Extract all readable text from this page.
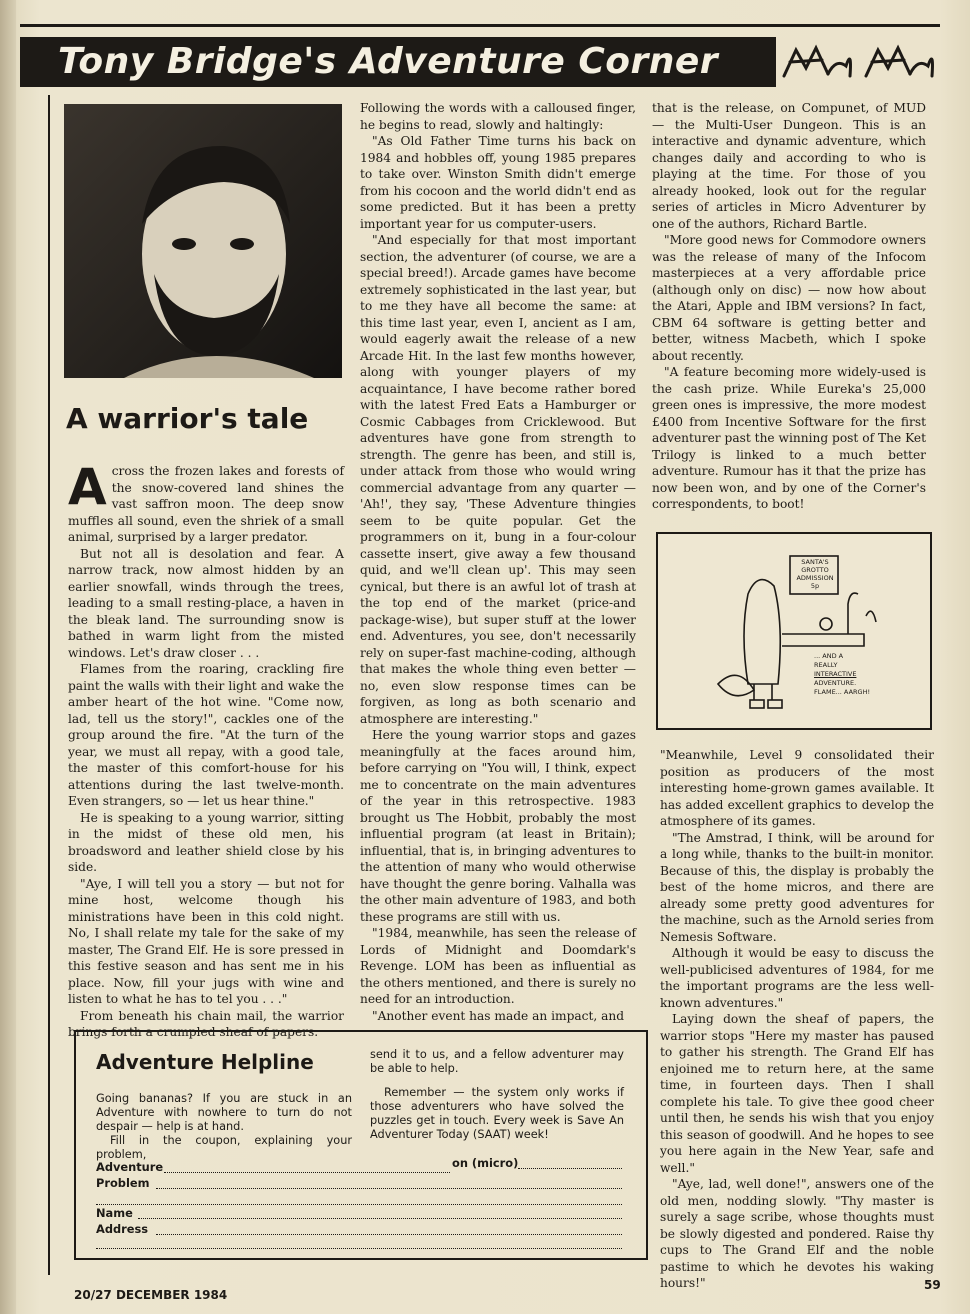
Tony Bridge's Adventure Corner
A warrior's tale

Across the frozen lakes and forests of the snow-covered land shines the vast saffron moon. The deep snow muffles all sound, even the shriek of a small animal, surprised by a larger predator.

But not all is desolation and fear. A narrow track, now almost hidden by an earlier snowfall, winds through the trees, leading to a small resting-place, a haven in the bleak land. The surrounding snow is bathed in warm light from the misted windows. Let's draw closer . . .

Flames from the roaring, crackling fire paint the walls with their light and wake the amber heart of the hot wine. "Come now, lad, tell us the story!", cackles one of the group around the fire. "At the turn of the year, we must all repay, with a good tale, the master of this comfort-house for his attentions during the last twelve-month. Even strangers, so — let us hear thine."

He is speaking to a young warrior, sitting in the midst of these old men, his broadsword and leather shield close by his side.

"Aye, I will tell you a story — but not for mine host, welcome though his ministrations have been in this cold night. No, I shall relate my tale for the sake of my master, The Grand Elf. He is sore pressed in this festive season and has sent me in his place. Now, fill your jugs with wine and listen to what he has to tel you . . ."

From beneath his chain mail, the warrior brings forth a crumpled sheaf of papers.

Following the words with a calloused finger, he begins to read, slowly and haltingly:

"As Old Father Time turns his back on 1984 and hobbles off, young 1985 prepares to take over. Winston Smith didn't emerge from his cocoon and the world didn't end as some predicted. But it has been a pretty important year for us computer-users.

"And especially for that most important section, the adventurer (of course, we are a special breed!). Arcade games have become extremely sophisticated in the last year, but to me they have all become the same: at this time last year, even I, ancient as I am, would eagerly await the release of a new Arcade Hit. In the last few months however, along with younger players of my acquaintance, I have become rather bored with the latest Fred Eats a Hamburger or Cosmic Cabbages from Cricklewood. But adventures have gone from strength to strength. The genre has been, and still is, under attack from those who would wring commercial advantage from any quarter — 'Ah!', they say, 'These Adventure thingies seem to be quite popular. Get the programmers on it, bung in a four-colour cassette insert, give away a few thousand quid, and we'll clean up'. This may seen cynical, but there is an awful lot of trash at the top end of the market (price-and package-wise), but super stuff at the lower end. Adventures, you see, don't necessarily rely on super-fast machine-coding, although that makes the whole thing even better — no, even slow response times can be forgiven, as long as both scenario and atmosphere are interesting."

Here the young warrior stops and gazes meaningfully at the faces around him, before carrying on "You will, I think, expect me to concentrate on the main adventures of the year in this retrospective. 1983 brought us The Hobbit, probably the most influential program (at least in Britain); influential, that is, in bringing adventures to the attention of many who would otherwise have thought the genre boring. Valhalla was the other main adventure of 1983, and both these programs are still with us.

"1984, meanwhile, has seen the release of Lords of Midnight and Doomdark's Revenge. LOM has been as influential as the others mentioned, and there is surely no need for an introduction.

"Another event has made an impact, and

that is the release, on Compunet, of MUD — the Multi-User Dungeon. This is an interactive and dynamic adventure, which changes daily and according to who is playing at the time. For those of you already hooked, look out for the regular series of articles in Micro Adventurer by one of the authors, Richard Bartle.

"More good news for Commodore owners was the release of many of the Infocom masterpieces at a very affordable price (although only on disc) — now how about the Atari, Apple and IBM versions? In fact, CBM 64 software is getting better and better, witness Macbeth, which I spoke about recently.

"A feature becoming more widely-used is the cash prize. While Eureka's 25,000 green ones is impressive, the more modest £400 from Incentive Software for the first adventurer past the winning post of The Ket Trilogy is linked to a much better adventure. Rumour has it that the prize has now been won, and by one of the Corner's correspondents, to boot!

SANTA'S
GROTTO
ADMISSION
5p
... AND A
REALLY
INTERACTIVE
ADVENTURE.
FLAME... AARGH!

"Meanwhile, Level 9 consolidated their position as producers of the most interesting home-grown games available. It has added excellent graphics to develop the atmosphere of its games.

"The Amstrad, I think, will be around for a long while, thanks to the built-in monitor. Because of this, the display is probably the best of the home micros, and there are already some pretty good adventures for the machine, such as the Arnold series from Nemesis Software.

Although it would be easy to discuss the well-publicised adventures of 1984, for me the important programs are the less well-known adventures."

Laying down the sheaf of papers, the warrior stops "Here my master has paused to gather his strength. The Grand Elf has enjoined me to return here, at the same time, in fourteen days. Then I shall complete his tale. To give thee good cheer until then, he sends his wish that you enjoy this season of goodwill. And he hopes to see you here again in the New Year, safe and well."

"Aye, lad, well done!", answers one of the old men, nodding slowly. "Thy master is surely a sage scribe, whose thoughts must be slowly digested and pondered. Raise thy cups to The Grand Elf and the noble pastime to which he devotes his waking hours!"

Adventure Helpline

Going bananas? If you are stuck in an Adventure with nowhere to turn do not despair — help is at hand.

Fill in the coupon, explaining your problem,

send it to us, and a fellow adventurer may be able to help.

Remember — the system only works if those adventurers who have solved the puzzles get in touch. Every week is Save An Adventurer Today (SAAT) week!

Adventure	on (micro)
Problem
Name
Address
20/27 DECEMBER 1984
59
